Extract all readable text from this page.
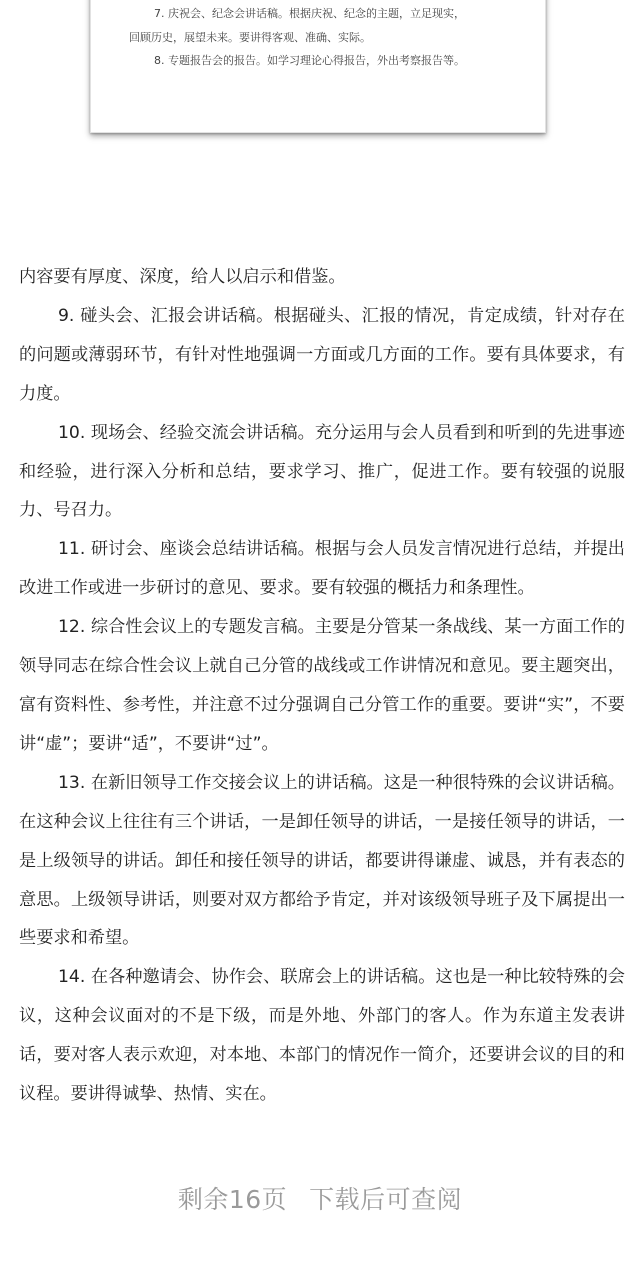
7. 庆祝会、纪念会讲话稿。根据庆祝、纪念的主题，立足现实，
回顾历史，展望未来。要讲得客观、准确、实际。
8. 专题报告会的报告。如学习理论心得报告，外出考察报告等。

内容要有厚度、深度，给人以启示和借鉴。

9. 碰头会、汇报会讲话稿。根据碰头、汇报的情况，肯定成绩，针对存在的问题或薄弱环节，有针对性地强调一方面或几方面的工作。要有具体要求，有力度。

10. 现场会、经验交流会讲话稿。充分运用与会人员看到和听到的先进事迹和经验，进行深入分析和总结，要求学习、推广，促进工作。要有较强的说服力、号召力。

11. 研讨会、座谈会总结讲话稿。根据与会人员发言情况进行总结，并提出改进工作或进一步研讨的意见、要求。要有较强的概括力和条理性。

12. 综合性会议上的专题发言稿。主要是分管某一条战线、某一方面工作的领导同志在综合性会议上就自己分管的战线或工作讲情况和意见。要主题突出，富有资料性、参考性，并注意不过分强调自己分管工作的重要。要讲“实”，不要讲“虚”；要讲“适”，不要讲“过”。

13. 在新旧领导工作交接会议上的讲话稿。这是一种很特殊的会议讲话稿。在这种会议上往往有三个讲话，一是卸任领导的讲话，一是接任领导的讲话，一是上级领导的讲话。卸任和接任领导的讲话，都要讲得谦虚、诚恳，并有表态的意思。上级领导讲话，则要对双方都给予肯定，并对该级领导班子及下属提出一些要求和希望。

14. 在各种邀请会、协作会、联席会上的讲话稿。这也是一种比较特殊的会议，这种会议面对的不是下级，而是外地、外部门的客人。作为东道主发表讲话，要对客人表示欢迎，对本地、本部门的情况作一简介，还要讲会议的目的和议程。要讲得诚挚、热情、实在。

剩余16页 下载后可查阅
